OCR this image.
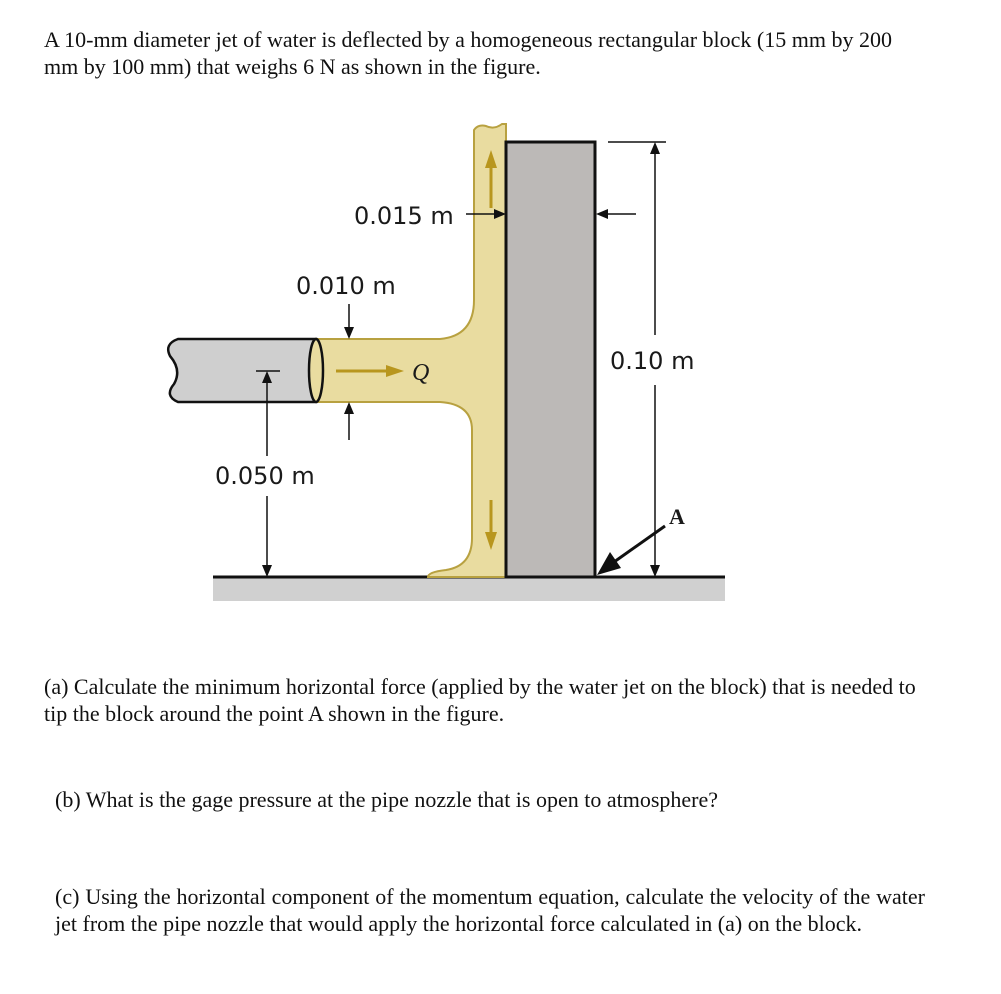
A 10-mm diameter jet of water is deflected by a homogeneous rectangular block (15 mm by 200 mm by 100 mm) that weighs 6 N as shown in the figure.

Q
0.015 m
0.010 m
0.10 m
0.050 m
A

(a) Calculate the minimum horizontal force (applied by the water jet on the block) that is needed to tip the block around the point A shown in the figure.

(b) What is the gage pressure at the pipe nozzle that is open to atmosphere?

(c) Using the horizontal component of the momentum equation, calculate the velocity of the water jet from the pipe nozzle that would apply the horizontal force calculated in (a) on the block.
